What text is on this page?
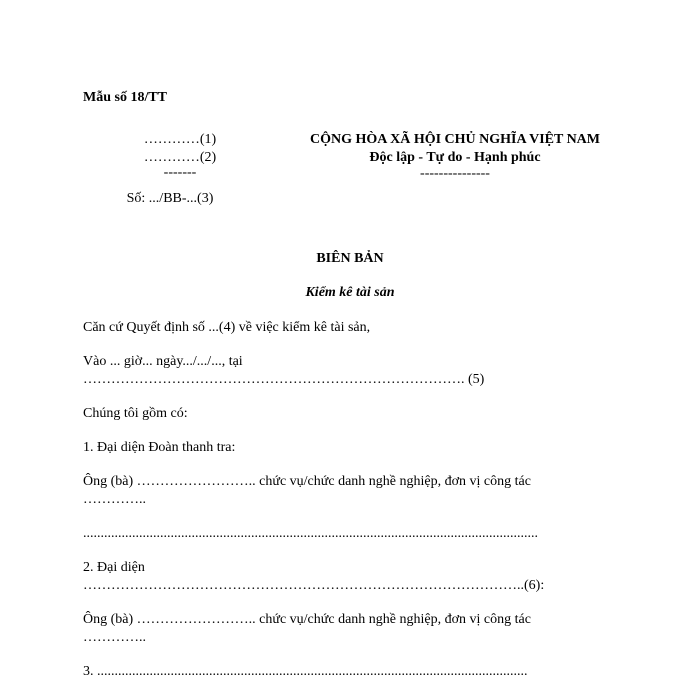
Mẫu số 18/TT
…………(1)
…………(2)
-------
Số: .../BB-...(3)
CỘNG HÒA XÃ HỘI CHỦ NGHĨA VIỆT NAM
Độc lập - Tự do - Hạnh phúc
---------------
BIÊN BẢN
Kiểm kê tài sản
Căn cứ Quyết định số ...(4) về việc kiểm kê tài sản,
Vào ... giờ... ngày.../.../..., tại
………………………………………………………………………. (5)
Chúng tôi gồm có:
1. Đại diện Đoàn thanh tra:
Ông (bà) …………………….. chức vụ/chức danh nghề nghiệp, đơn vị công tác
…………..
..................................................................................................................................
2. Đại diện
…………………………………………………………………………………..(6):
Ông (bà) …………………….. chức vụ/chức danh nghề nghiệp, đơn vị công tác
…………..
3. ...........................................................................................................................
